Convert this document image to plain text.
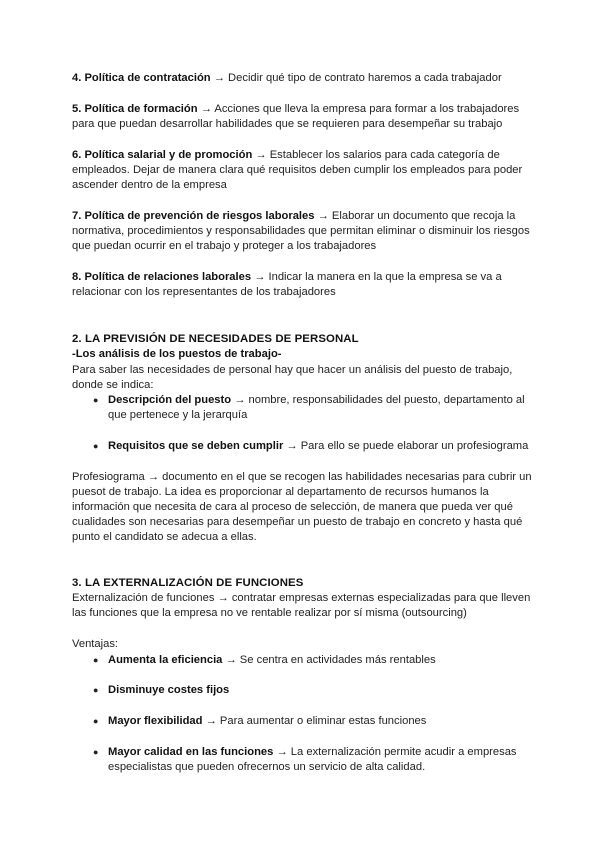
4. Política de contratación → Decidir qué tipo de contrato haremos a cada trabajador

5. Política de formación → Acciones que lleva la empresa para formar a los trabajadores para que puedan desarrollar habilidades que se requieren para desempeñar su trabajo

6. Política salarial y de promoción → Establecer los salarios para cada categoría de empleados. Dejar de manera clara qué requisitos deben cumplir los empleados para poder ascender dentro de la empresa

7. Política de prevención de riesgos laborales → Elaborar un documento que recoja la normativa, procedimientos y responsabilidades que permitan eliminar o disminuir los riesgos que puedan ocurrir en el trabajo y proteger a los trabajadores

8. Política de relaciones laborales → Indicar la manera en la que la empresa se va a relacionar con los representantes de los trabajadores

2. LA PREVISIÓN DE NECESIDADES DE PERSONAL
-Los análisis de los puestos de trabajo-

Para saber las necesidades de personal hay que hacer un análisis del puesto de trabajo, donde se indica:

● Descripción del puesto → nombre, responsabilidades del puesto, departamento al que pertenece y la jerarquía

● Requisitos que se deben cumplir → Para ello se puede elaborar un profesiograma

Profesiograma → documento en el que se recogen las habilidades necesarias para cubrir un puesot de trabajo. La idea es proporcionar al departamento de recursos humanos la información que necesita de cara al proceso de selección, de manera que pueda ver qué cualidades son necesarias para desempeñar un puesto de trabajo en concreto y hasta qué punto el candidato se adecua a ellas.

3. LA EXTERNALIZACIÓN DE FUNCIONES

Externalización de funciones → contratar empresas externas especializadas para que lleven las funciones que la empresa no ve rentable realizar por sí misma (outsourcing)

Ventajas:
● Aumenta la eficiencia → Se centra en actividades más rentables

● Disminuye costes fijos

● Mayor flexibilidad → Para aumentar o eliminar estas funciones

● Mayor calidad en las funciones → La externalización permite acudir a empresas especialistas que pueden ofrecernos un servicio de alta calidad.
